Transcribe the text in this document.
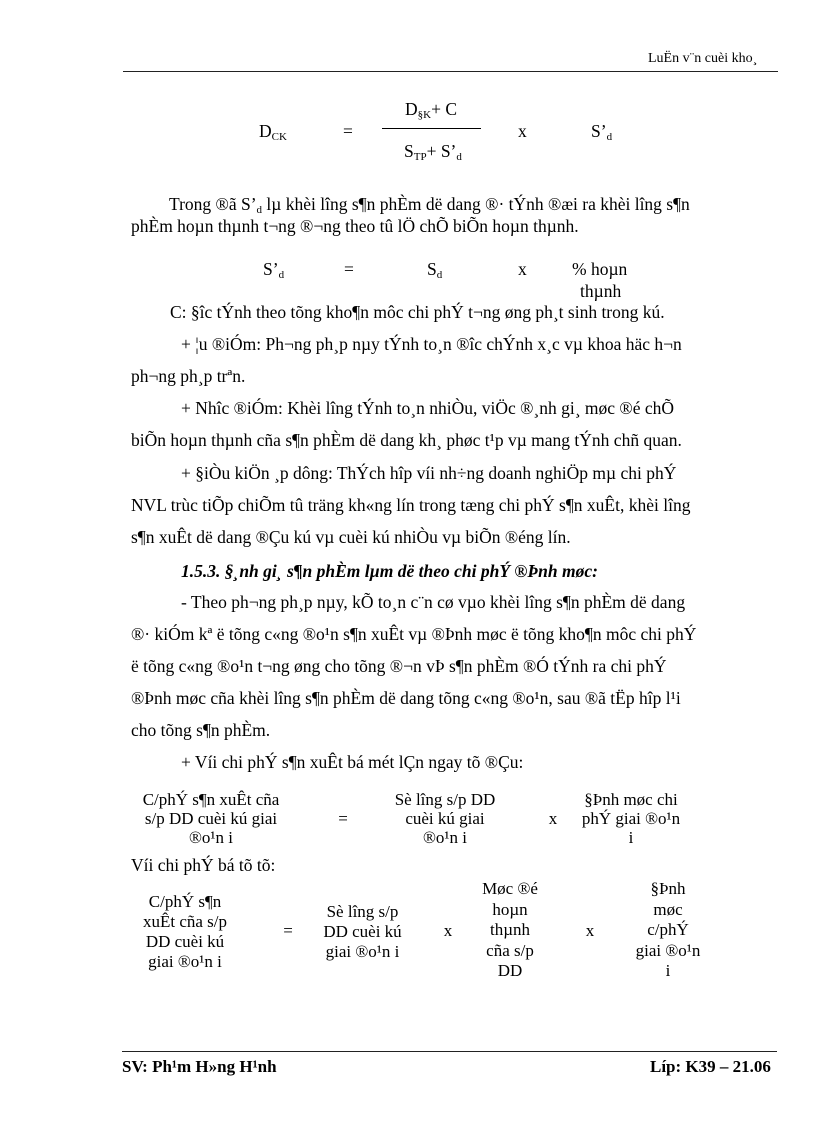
LuËn v¨n cuèi kho¸
$D_{CK}$	=
$D_{\S K}+ C$
$S_{TP}+$ $S’_d$
x	$S’_d$
Trong ®ã $S’_d$ lµ khèi lîng s¶n phÈm dë dang ®· tÝnh ®æi ra khèi lîng s¶n
phÈm hoµn thµnh t¬ng ®¬ng theo tû lÖ chÕ biÕn hoµn thµnh.
$S’_d$	=	$S_d$	x	% hoµn
thµnh
C: §îc tÝnh theo tõng kho¶n môc chi phÝ t¬ng øng ph¸t sinh trong kú.
+ ¦u ®iÓm: Ph¬ng ph¸p nµy tÝnh to¸n ®îc chÝnh x¸c vµ khoa häc h¬n
ph¬ng ph¸p trªn.
+ Nhîc ®iÓm: Khèi lîng tÝnh to¸n nhiÒu, viÖc ®¸nh gi¸ møc ®é chÕ
biÕn hoµn thµnh cña s¶n phÈm dë dang kh¸ phøc t¹p vµ mang tÝnh chñ quan.
+ §iÒu kiÖn ¸p dông: ThÝch hîp víi nh÷ng doanh nghiÖp mµ chi phÝ
NVL trùc tiÕp chiÕm tû träng kh«ng lín trong tæng chi phÝ s¶n xuÊt, khèi lîng
s¶n xuÊt dë dang ®Çu kú vµ cuèi kú nhiÒu vµ biÕn ®éng lín.
1.5.3. §¸nh gi¸ s¶n phÈm lµm dë theo chi phÝ ®Þnh møc:
- Theo ph¬ng ph¸p nµy, kÕ to¸n c¨n cø vµo khèi lîng s¶n phÈm dë dang
®· kiÓm kª ë tõng c«ng ®o¹n s¶n xuÊt vµ ®Þnh møc ë tõng kho¶n môc chi phÝ
ë tõng c«ng ®o¹n t¬ng øng cho tõng ®¬n vÞ s¶n phÈm ®Ó tÝnh ra chi phÝ
®Þnh møc cña khèi lîng s¶n phÈm dë dang tõng c«ng ®o¹n, sau ®ã tËp hîp l¹i
cho tõng s¶n phÈm.
+ Víi chi phÝ s¶n xuÊt bá mét lÇn ngay tõ ®Çu:
C/phÝ s¶n xuÊt cña
s/p DD cuèi kú giai
®o¹n i
=
Sè lîng s/p DD
cuèi kú giai
®o¹n i
x
§Þnh møc chi
phÝ giai ®o¹n
i
Víi chi phÝ bá tõ tõ:
C/phÝ s¶n
xuÊt cña s/p
DD cuèi kú
giai ®o¹n i
=
Sè lîng s/p
DD cuèi kú
giai ®o¹n i
x
Møc ®é
hoµn
thµnh
cña s/p
DD
x
§Þnh
møc
c/phÝ
giai ®o¹n
i
SV: Ph¹m H»ng H¹nh	Líp: K39 – 21.06
